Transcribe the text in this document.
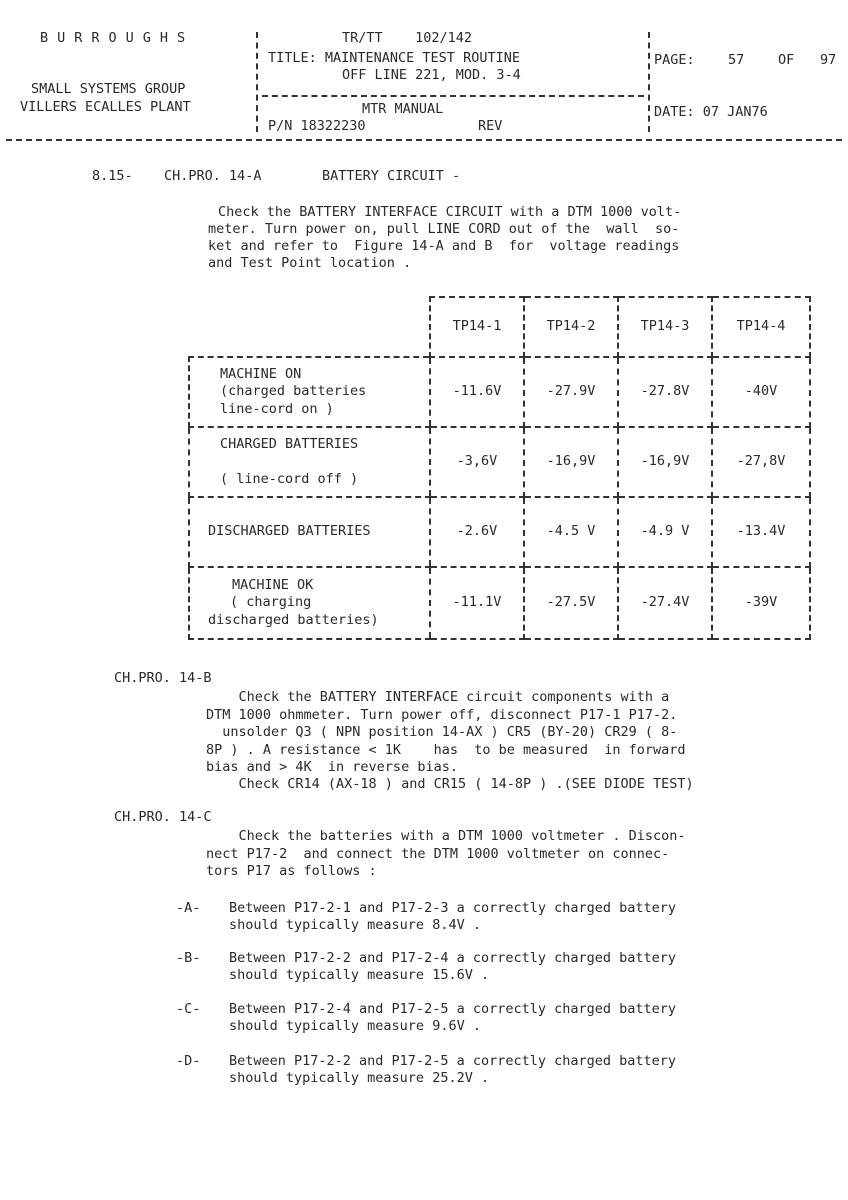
BURROUGHS
SMALL SYSTEMS GROUP
VILLERS ECALLES PLANT
TR/TT    102/142
TITLE: MAINTENANCE TEST ROUTINE
OFF LINE 221, MOD. 3-4
MTR MANUAL
P/N 18322230	REV
PAGE: 57 OF 97
DATE: 07 JAN76
8.15- CH.PRO. 14-A	BATTERY CIRCUIT -
Check the BATTERY INTERFACE CIRCUIT with a DTM 1000 volt-
meter. Turn power on, pull LINE CORD out of the  wall  so-
ket and refer to  Figure 14-A and B  for  voltage readings
and Test Point location .
	TP14-1	TP14-2	TP14-3	TP14-4

MACHINE ON
(charged batteries
line-cord on )	-11.6V	-27.9V	-27.8V	-40V

CHARGED BATTERIES
( line-cord off )	-3,6V	-16,9V	-16,9V	-27,8V

DISCHARGED BATTERIES	-2.6V	-4.5 V	-4.9 V	-13.4V

MACHINE OK
( charging
discharged batteries)	-11.1V	-27.5V	-27.4V	-39V
CH.PRO. 14-B
Check the BATTERY INTERFACE circuit components with a
DTM 1000 ohmmeter. Turn power off, disconnect P17-1 P17-2.
unsolder Q3 ( NPN position 14-AX ) CR5 (BY-20) CR29 ( 8-
8P ) . A resistance < 1K    has  to be measured  in forward
bias and > 4K  in reverse bias.
Check CR14 (AX-18 ) and CR15 ( 14-8P ) .(SEE DIODE TEST)
CH.PRO. 14-C
Check the batteries with a DTM 1000 voltmeter . Discon-
nect P17-2  and connect the DTM 1000 voltmeter on connec-
tors P17 as follows :
-A- Between P17-2-1 and P17-2-3 a correctly charged battery
should typically measure 8.4V .
-B- Between P17-2-2 and P17-2-4 a correctly charged battery
should typically measure 15.6V .
-C- Between P17-2-4 and P17-2-5 a correctly charged battery
should typically measure 9.6V .
-D- Between P17-2-2 and P17-2-5 a correctly charged battery
should typically measure 25.2V .
